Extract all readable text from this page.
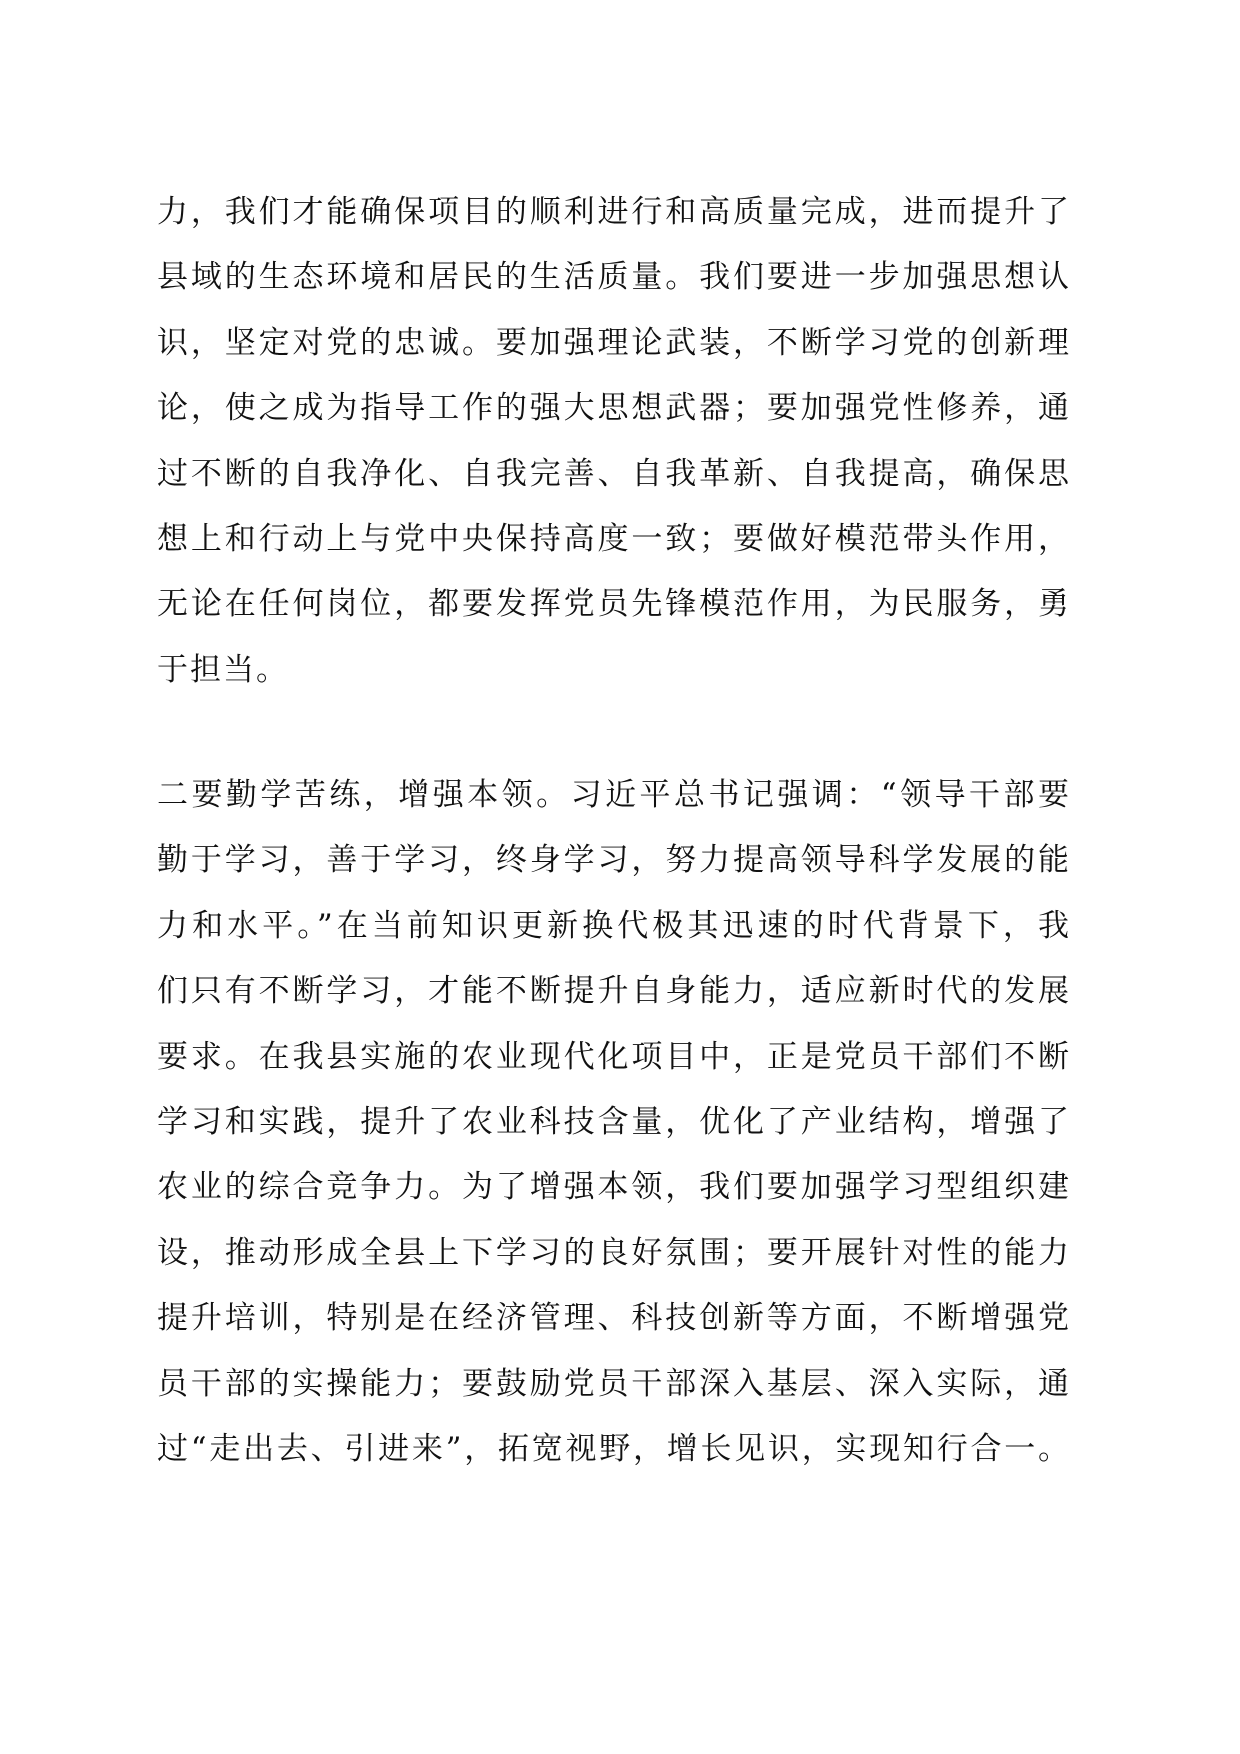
力，我们才能确保项目的顺利进行和高质量完成，进而提升了
县域的生态环境和居民的生活质量。我们要进一步加强思想认
识，坚定对党的忠诚。要加强理论武装，不断学习党的创新理
论，使之成为指导工作的强大思想武器；要加强党性修养，通
过不断的自我净化、自我完善、自我革新、自我提高，确保思
想上和行动上与党中央保持高度一致；要做好模范带头作用，
无论在任何岗位，都要发挥党员先锋模范作用，为民服务，勇
于担当。
二要勤学苦练，增强本领。习近平总书记强调：“领导干部要
勤于学习，善于学习，终身学习，努力提高领导科学发展的能
力和水平。”在当前知识更新换代极其迅速的时代背景下，我
们只有不断学习，才能不断提升自身能力，适应新时代的发展
要求。在我县实施的农业现代化项目中，正是党员干部们不断
学习和实践，提升了农业科技含量，优化了产业结构，增强了
农业的综合竞争力。为了增强本领，我们要加强学习型组织建
设，推动形成全县上下学习的良好氛围；要开展针对性的能力
提升培训，特别是在经济管理、科技创新等方面，不断增强党
员干部的实操能力；要鼓励党员干部深入基层、深入实际，通
过“走出去、引进来”，拓宽视野，增长见识，实现知行合一。
